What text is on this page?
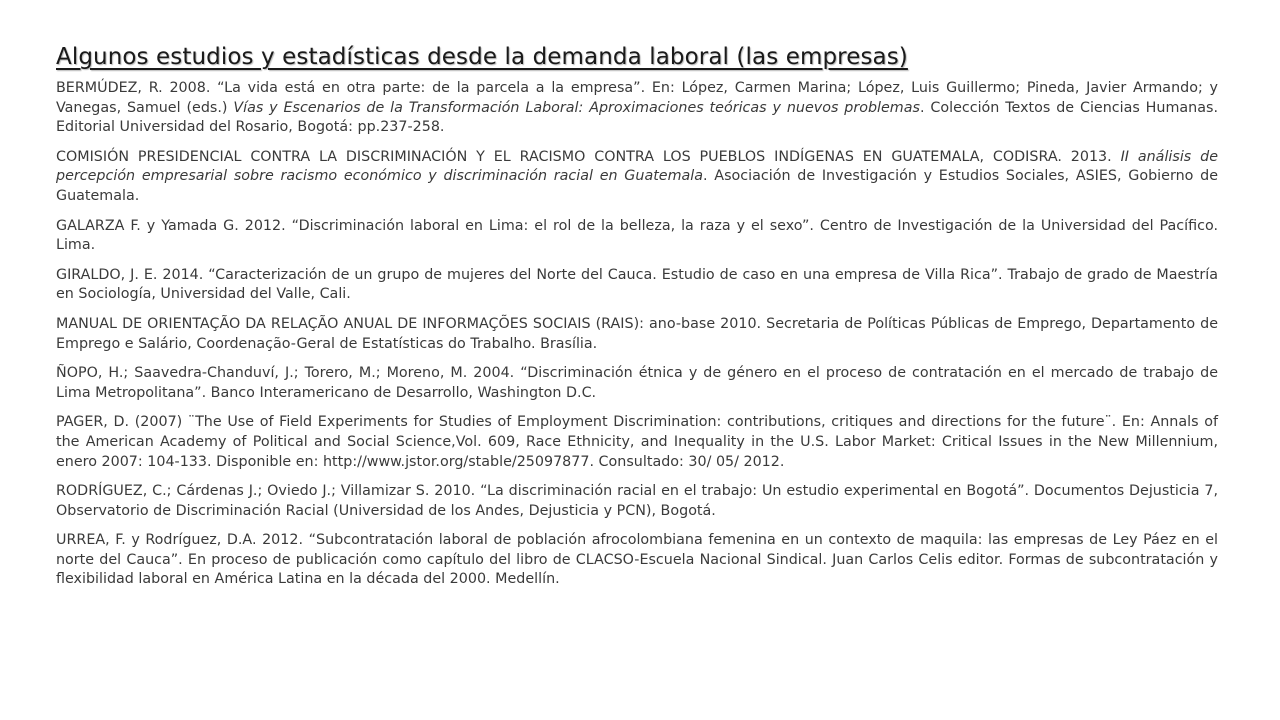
Algunos estudios y estadísticas desde la demanda laboral (las empresas)

BERMÚDEZ, R. 2008. “La vida está en otra parte: de la parcela a la empresa”. En: López, Carmen Marina; López, Luis Guillermo; Pineda, Javier Armando; y Vanegas, Samuel (eds.) Vías y Escenarios de la Transformación Laboral: Aproximaciones teóricas y nuevos problemas. Colección Textos de Ciencias Humanas. Editorial Universidad del Rosario, Bogotá: pp.237-258.

COMISIÓN PRESIDENCIAL CONTRA LA DISCRIMINACIÓN Y EL RACISMO CONTRA LOS PUEBLOS INDÍGENAS EN GUATEMALA, CODISRA. 2013. II análisis de percepción empresarial sobre racismo económico y discriminación racial en Guatemala. Asociación de Investigación y Estudios Sociales, ASIES, Gobierno de Guatemala.

GALARZA F. y Yamada G. 2012. “Discriminación laboral en Lima: el rol de la belleza, la raza y el sexo”. Centro de Investigación de la Universidad del Pacífico. Lima.

GIRALDO, J. E. 2014. “Caracterización de un grupo de mujeres del Norte del Cauca. Estudio de caso en una empresa de Villa Rica”. Trabajo de grado de Maestría en Sociología, Universidad del Valle, Cali.

MANUAL DE ORIENTAÇÃO DA RELAÇÃO ANUAL DE INFORMAÇÕES SOCIAIS (RAIS): ano-base 2010. Secretaria de Políticas Públicas de Emprego, Departamento de Emprego e Salário, Coordenação-Geral de Estatísticas do Trabalho. Brasília.

ÑOPO, H.; Saavedra-Chanduví, J.; Torero, M.; Moreno, M. 2004. “Discriminación étnica y de género en el proceso de contratación en el mercado de trabajo de Lima Metropolitana”. Banco Interamericano de Desarrollo, Washington D.C.

PAGER, D. (2007) ¨The Use of Field Experiments for Studies of Employment Discrimination: contributions, critiques and directions for the future¨. En: Annals of the American Academy of Political and Social Science,Vol. 609, Race Ethnicity, and Inequality in the U.S. Labor Market: Critical Issues in the New Millennium, enero 2007: 104-133. Disponible en: http://www.jstor.org/stable/25097877. Consultado: 30/ 05/ 2012.

RODRÍGUEZ, C.; Cárdenas J.; Oviedo J.; Villamizar S. 2010. “La discriminación racial en el trabajo: Un estudio experimental en Bogotá”. Documentos Dejusticia 7, Observatorio de Discriminación Racial (Universidad de los Andes, Dejusticia y PCN), Bogotá.

URREA, F. y Rodríguez, D.A. 2012. “Subcontratación laboral de población afrocolombiana femenina en un contexto de maquila: las empresas de Ley Páez en el norte del Cauca”. En proceso de publicación como capítulo del libro de CLACSO-Escuela Nacional Sindical. Juan Carlos Celis editor. Formas de subcontratación y flexibilidad laboral en América Latina en la década del 2000. Medellín.
